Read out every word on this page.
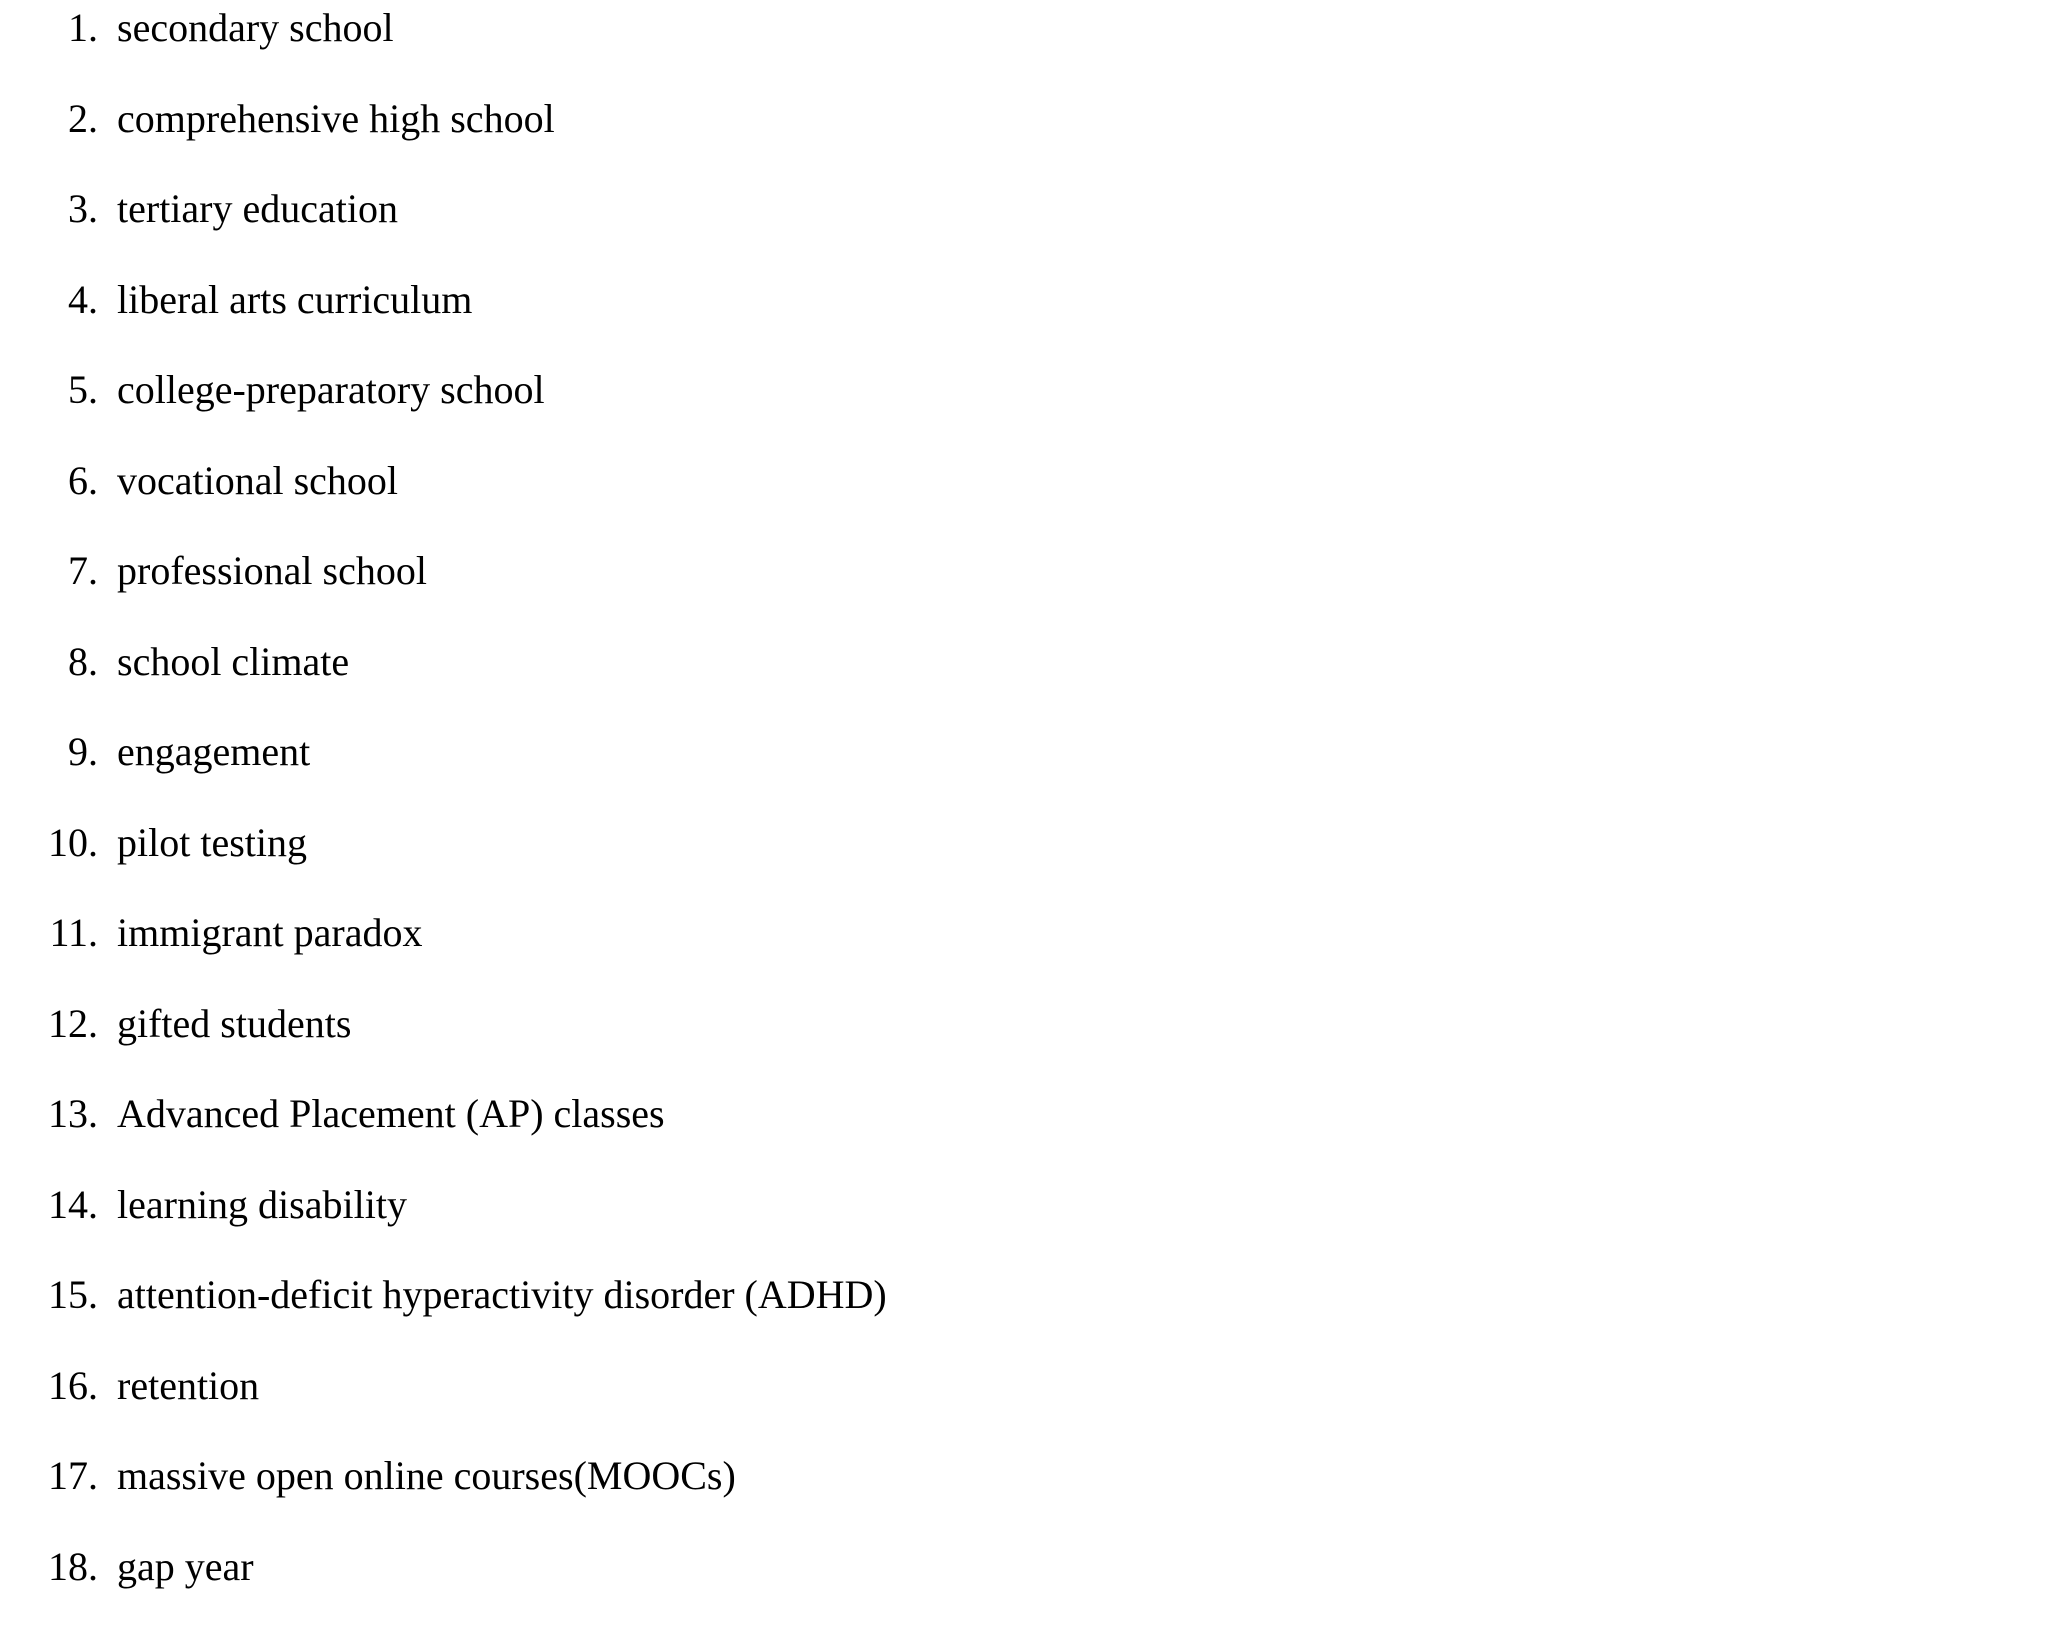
1. secondary school
2. comprehensive high school
3. tertiary education
4. liberal arts curriculum
5. college-preparatory school
6. vocational school
7. professional school
8. school climate
9. engagement
10. pilot testing
11. immigrant paradox
12. gifted students
13. Advanced Placement (AP) classes
14. learning disability
15. attention-deficit hyperactivity disorder (ADHD)
16. retention
17. massive open online courses(MOOCs)
18. gap year
